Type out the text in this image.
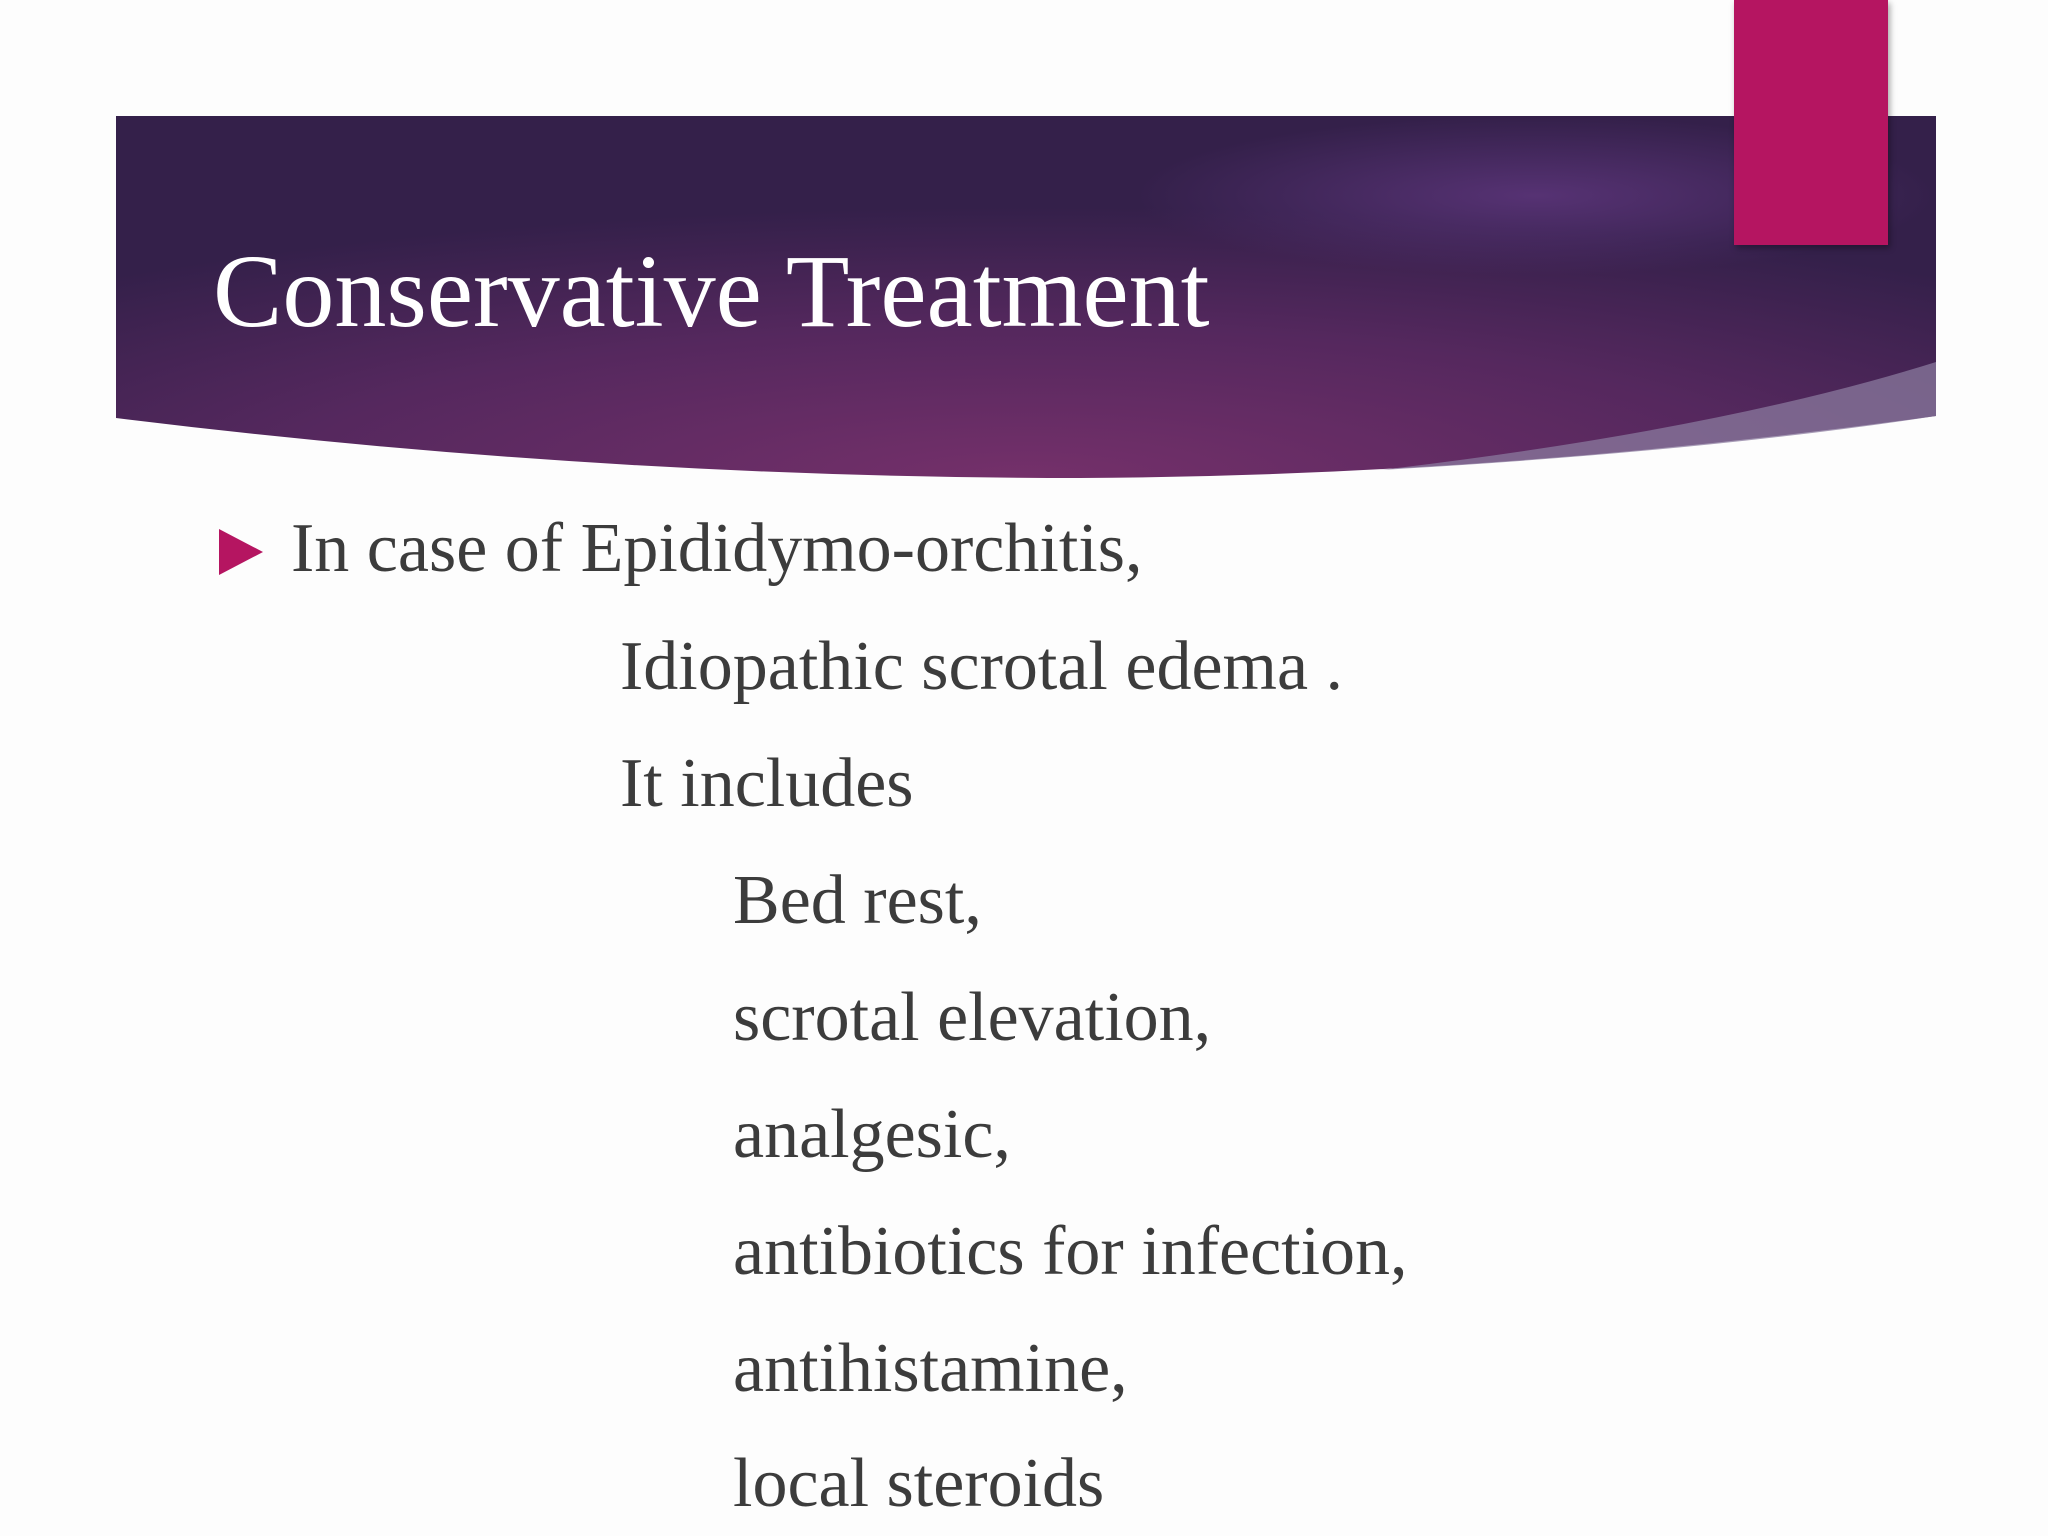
Conservative Treatment

In case of Epididymo-orchitis,

Idiopathic scrotal edema .

It includes

Bed rest,

scrotal elevation,

analgesic,

antibiotics for infection,

antihistamine,

local steroids
